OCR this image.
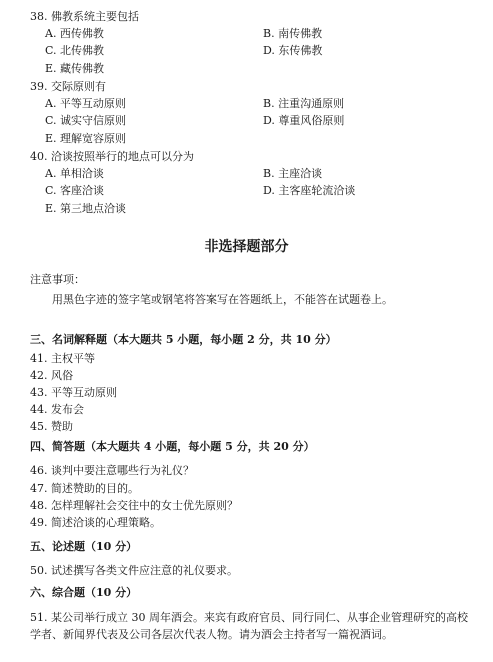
38. 佛教系统主要包括
A. 西传佛教	B. 南传佛教
C. 北传佛教	D. 东传佛教
E. 藏传佛教
39. 交际原则有
A. 平等互动原则	B. 注重沟通原则
C. 诚实守信原则	D. 尊重风俗原则
E. 理解宽容原则
40. 洽谈按照举行的地点可以分为
A. 单相洽谈	B. 主座洽谈
C. 客座洽谈	D. 主客座轮流洽谈
E. 第三地点洽谈
非选择题部分
注意事项：
用黑色字迹的签字笔或钢笔将答案写在答题纸上，不能答在试题卷上。
三、名词解释题（本大题共 5 小题，每小题 2 分，共 10 分）
41. 主权平等
42. 风俗
43. 平等互动原则
44. 发布会
45. 赞助
四、简答题（本大题共 4 小题，每小题 5 分，共 20 分）
46. 谈判中要注意哪些行为礼仪？
47. 简述赞助的目的。
48. 怎样理解社会交往中的女士优先原则？
49. 简述洽谈的心理策略。
五、论述题（10 分）
50. 试述撰写各类文件应注意的礼仪要求。
六、综合题（10 分）
51. 某公司举行成立 30 周年酒会。来宾有政府官员、同行同仁、从事企业管理研究的高校学者、新闻界代表及公司各层次代表人物。请为酒会主持者写一篇祝酒词。
